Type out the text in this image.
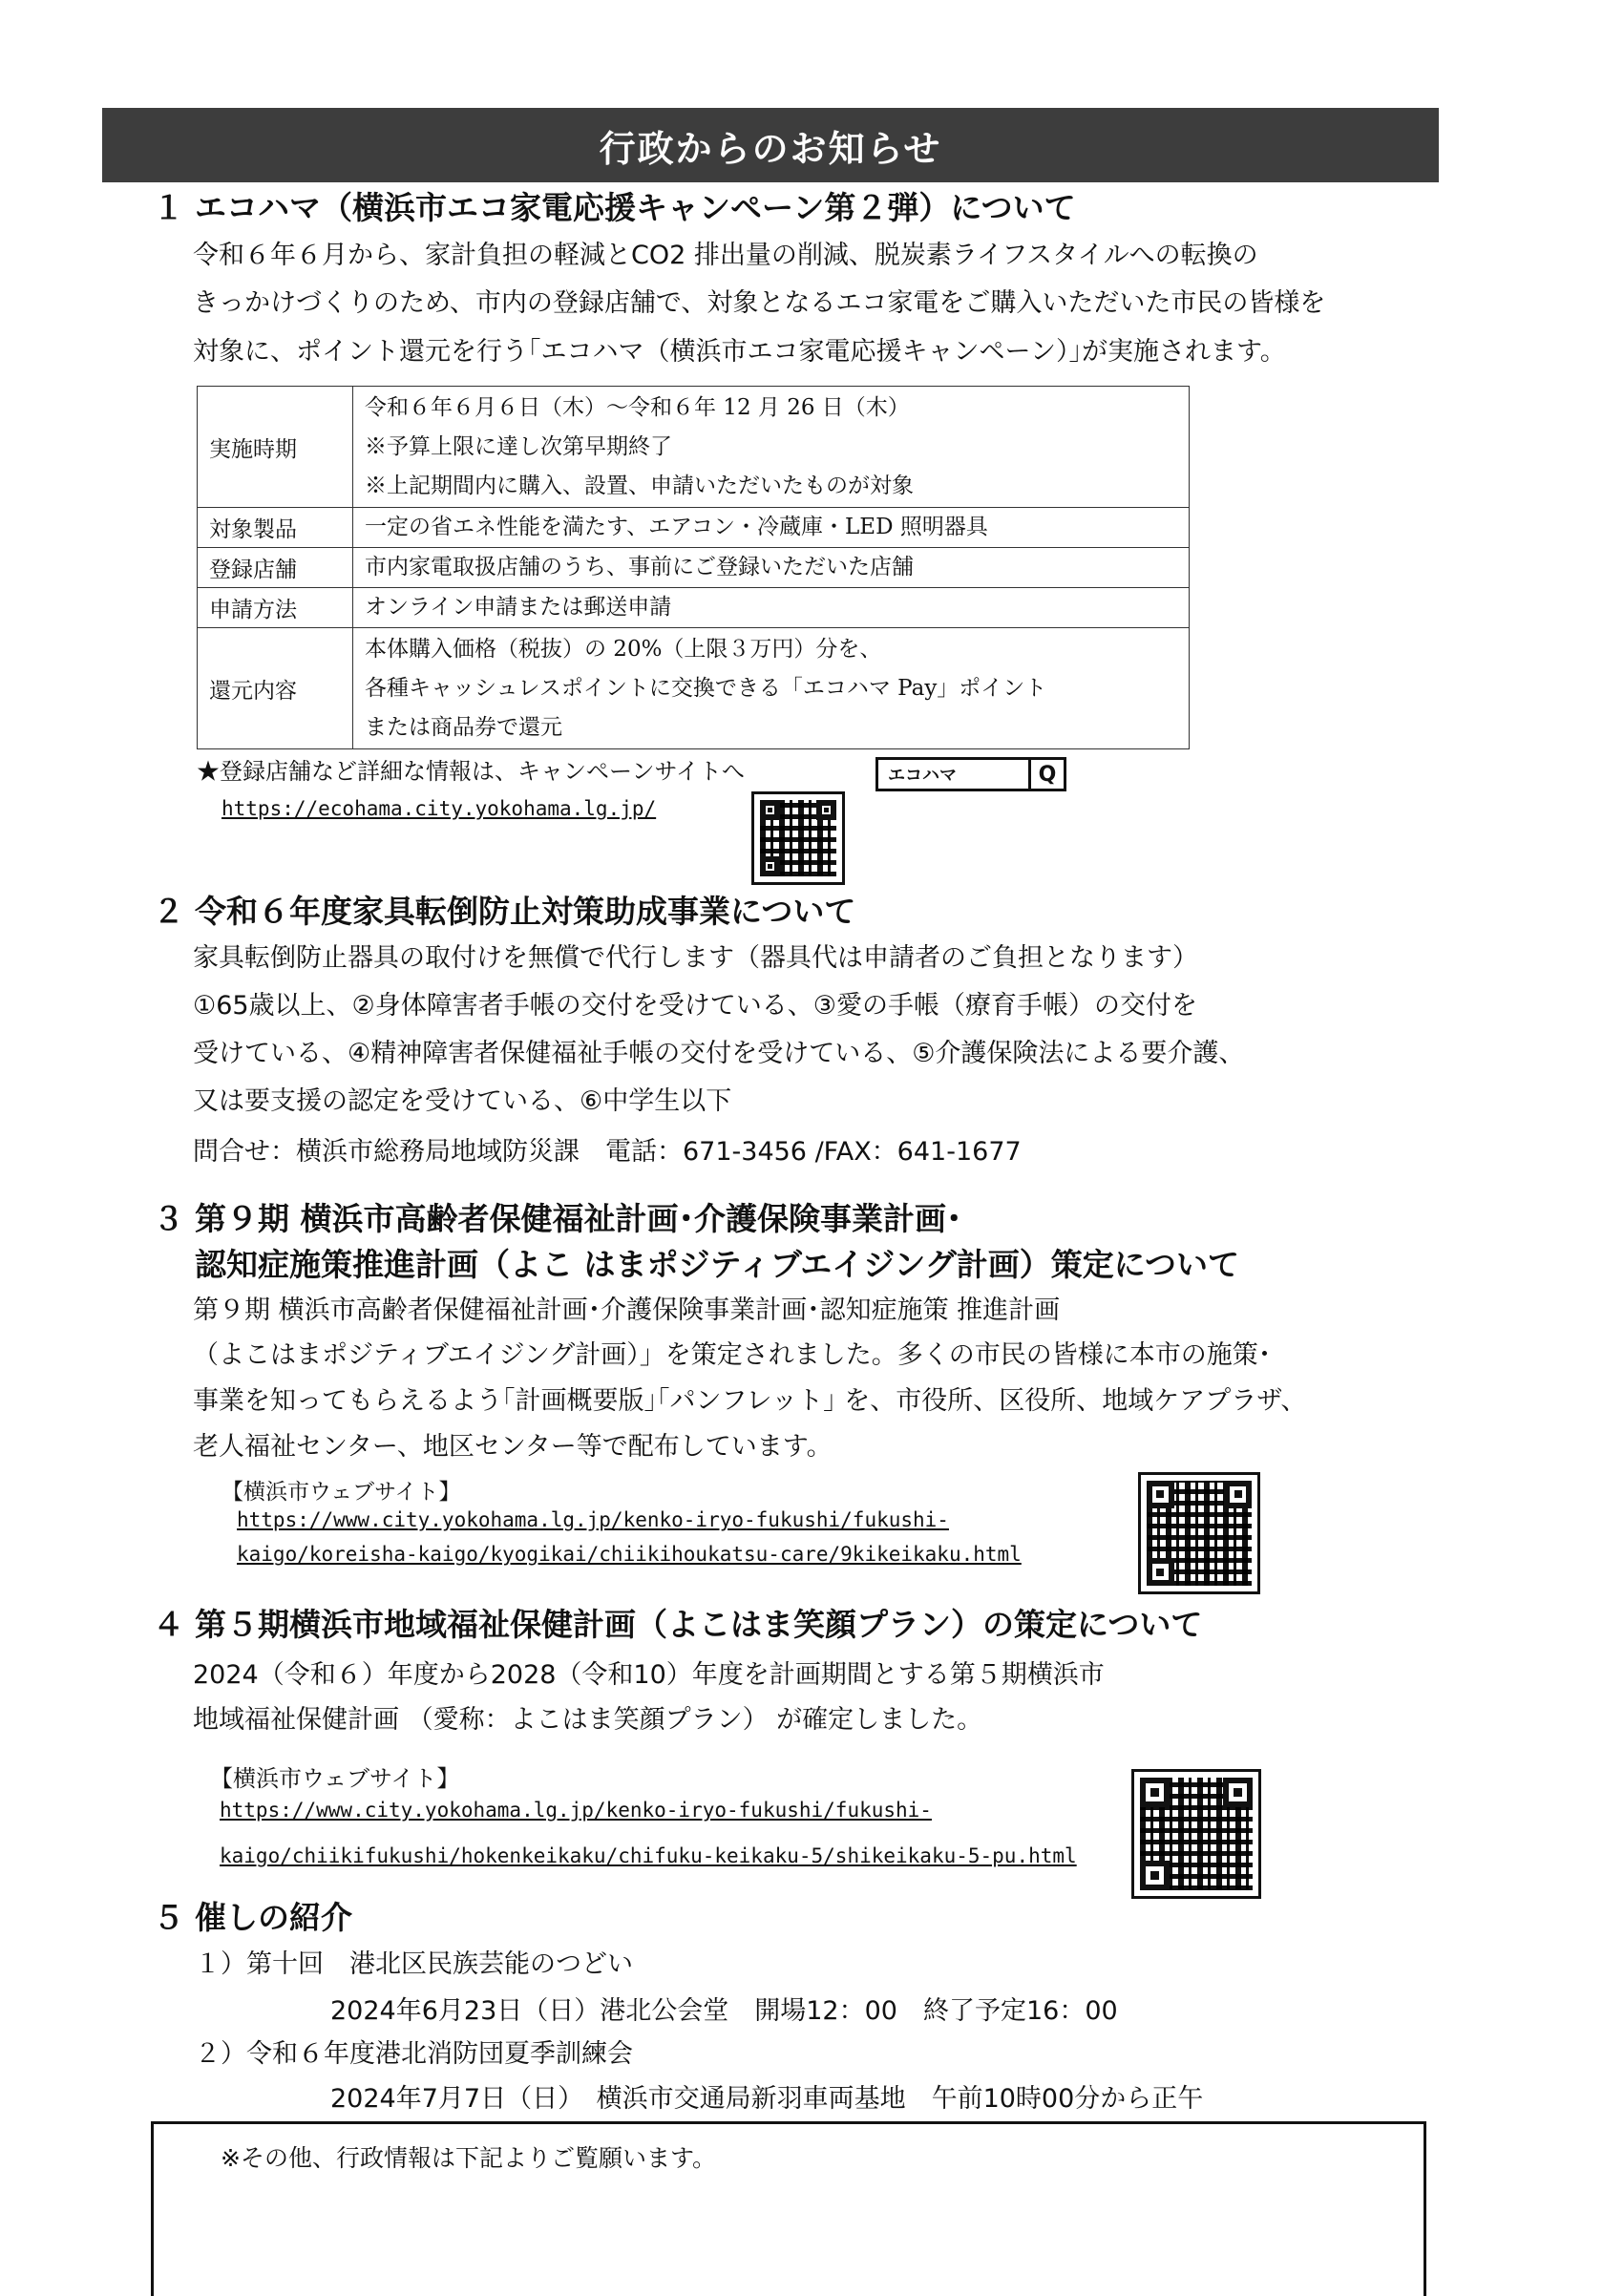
行政からのお知らせ
１ エコハマ（横浜市エコ家電応援キャンペーン第２弾）について
令和６年６月から、家計負担の軽減とCO2 排出量の削減、脱炭素ライフスタイルへの転換の
きっかけづくりのため、市内の登録店舗で、対象となるエコ家電をご購入いただいた市民の皆様を
対象に、ポイント還元を行う｢エコハマ（横浜市エコ家電応援キャンペーン）｣が実施されます。
実施時期	令和６年６月６日（木）～令和６年 12 月 26 日（木）
※予算上限に達し次第早期終了
※上記期間内に購入、設置、申請いただいたものが対象

対象製品	一定の省エネ性能を満たす、エアコン・冷蔵庫・LED 照明器具

登録店舗	市内家電取扱店舗のうち、事前にご登録いただいた店舗

申請方法	オンライン申請または郵送申請

還元内容	本体購入価格（税抜）の 20%（上限３万円）分を、
各種キャッシュレスポイントに交換できる「エコハマ Pay」ポイント
または商品券で還元
★登録店舗など詳細な情報は、キャンペーンサイトへ	エコハマ	Q
https://ecohama.city.yokohama.lg.jp/
２ 令和６年度家具転倒防止対策助成事業について
家具転倒防止器具の取付けを無償で代行します（器具代は申請者のご負担となります）
①65歳以上、②身体障害者手帳の交付を受けている、③愛の手帳（療育手帳）の交付を
受けている、④精神障害者保健福祉手帳の交付を受けている、⑤介護保険法による要介護、
又は要支援の認定を受けている、⑥中学生以下
問合せ：横浜市総務局地域防災課　電話：671-3456 /FAX：641-1677
３ 第９期 横浜市高齢者保健福祉計画･介護保険事業計画･
認知症施策推進計画（よこ はまポジティブエイジング計画）策定について
第９期 横浜市高齢者保健福祉計画･介護保険事業計画･認知症施策 推進計画
（よこはまポジティブエイジング計画）」を策定されました。多くの市民の皆様に本市の施策･
事業を知ってもらえるよう｢計画概要版｣｢パンフレット｣ を、市役所、区役所、地域ケアプラザ、
老人福祉センター、地区センター等で配布しています。
【横浜市ウェブサイト】
https://www.city.yokohama.lg.jp/kenko-iryo-fukushi/fukushi-
kaigo/koreisha-kaigo/kyogikai/chiikihoukatsu-care/9kikeikaku.html
４ 第５期横浜市地域福祉保健計画（よこはま笑顔プラン）の策定について
2024（令和６）年度から2028（令和10）年度を計画期間とする第５期横浜市
地域福祉保健計画 （愛称：よこはま笑顔プラン） が確定しました。
【横浜市ウェブサイト】
https://www.city.yokohama.lg.jp/kenko-iryo-fukushi/fukushi-
kaigo/chiikifukushi/hokenkeikaku/chifuku-keikaku-5/shikeikaku-5-pu.html
５ 催しの紹介
１）第十回　港北区民族芸能のつどい
2024年6月23日（日）港北公会堂　開場12：00　終了予定16：00
２）令和６年度港北消防団夏季訓練会
2024年7月7日（日）　横浜市交通局新羽車両基地　午前10時00分から正午
※その他、行政情報は下記よりご覧願います。
